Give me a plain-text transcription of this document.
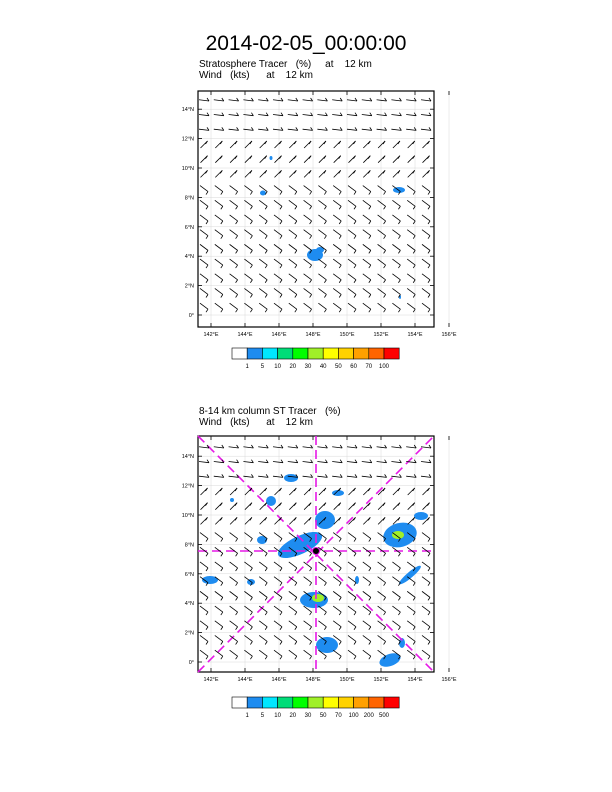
2014-02-05_00:00:00
Stratosphere Tracer   (%)     at    12 km
Wind   (kts)      at    12 km
8-14 km column ST Tracer   (%)
Wind   (kts)      at    12 km
142°E	144°E	146°E	148°E	150°E	152°E	154°E	156°E
0°
2°N
4°N
6°N
8°N
10°N
12°N
14°N
1 5 10 20 30 40 50 60 70 100
142°E	144°E	146°E	148°E	150°E	152°E	154°E	156°E
0°
2°N
4°N
6°N
8°N
10°N
12°N
14°N
1 5 10 20 30 50 70 100 200 500
